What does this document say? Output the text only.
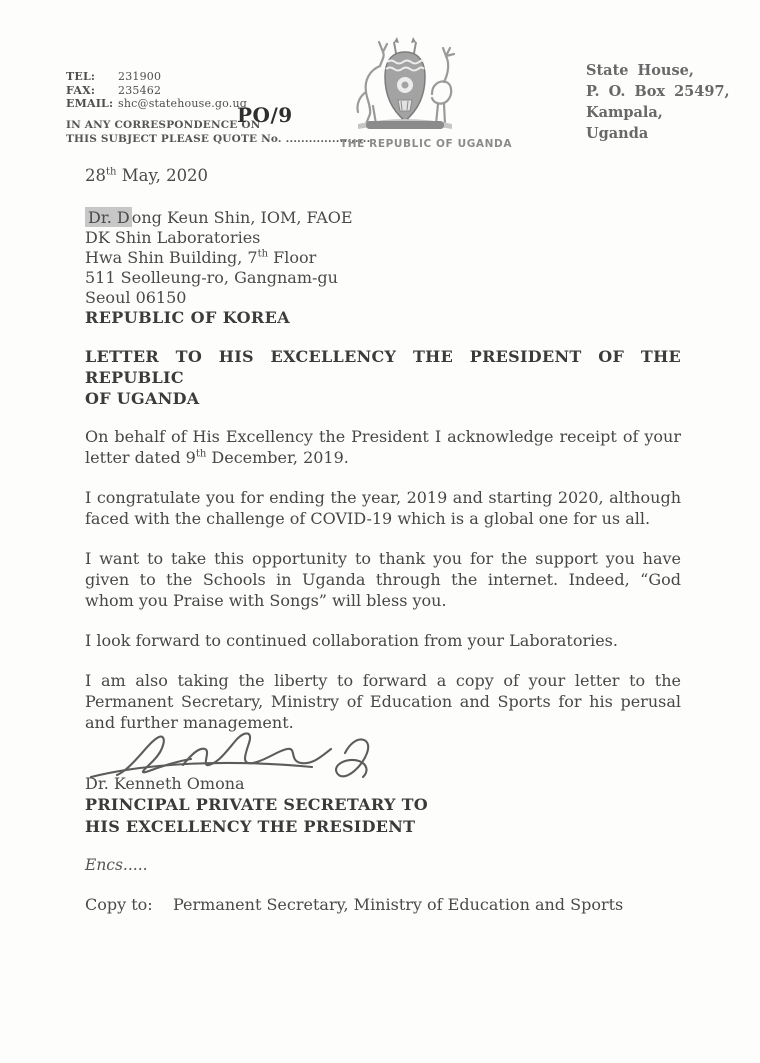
TEL:	231900
FAX:	235462
EMAIL: shc@statehouse.go.ug
IN ANY CORRESPONDENCE ON
THIS SUBJECT PLEASE QUOTE No. ......................
PO/9
THE REPUBLIC OF UGANDA
State House,
P. O. Box 25497,
Kampala,
Uganda
28th May, 2020
Dr. D ong Keun Shin, IOM, FAOE
DK Shin Laboratories
Hwa Shin Building, 7th Floor
511 Seolleung-ro, Gangnam-gu
Seoul 06150
REPUBLIC OF KOREA
LETTER TO HIS EXCELLENCY THE PRESIDENT OF THE REPUBLIC
OF UGANDA
On behalf of His Excellency the President I acknowledge receipt of your letter dated 9th December, 2019.
I congratulate you for ending the year, 2019 and starting 2020, although faced with the challenge of COVID-19 which is a global one for us all.
I want to take this opportunity to thank you for the support you have given to the Schools in Uganda through the internet. Indeed, “God whom you Praise with Songs” will bless you.
I look forward to continued collaboration from your Laboratories.
I am also taking the liberty to forward a copy of your letter to the Permanent Secretary, Ministry of Education and Sports for his perusal and further management.
Dr. Kenneth Omona
PRINCIPAL PRIVATE SECRETARY TO
HIS EXCELLENCY THE PRESIDENT
Encs.....
Copy to: Permanent Secretary, Ministry of Education and Sports
